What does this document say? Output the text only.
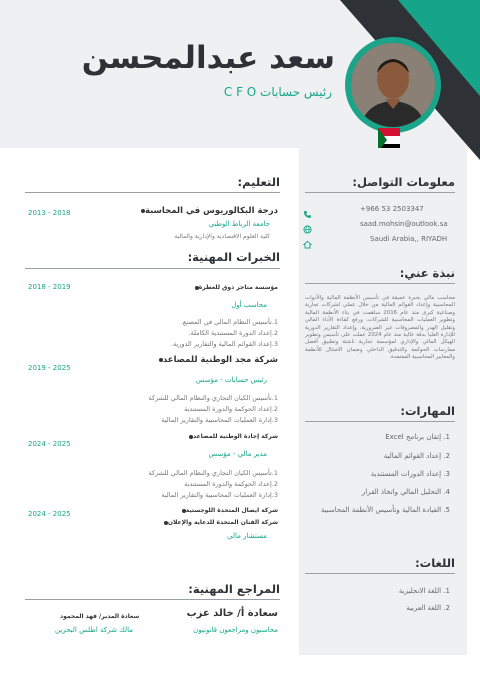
سعد عبدالمحسن
رئيس حسابات C F O
معلومات التواصل:
+966 53 2503347
saad.mohsin@outlook.sa
Saudi Arabia,, RIYADH
نبذة عني:
محاسب مالي بخبرة عميقة في تأسيس الأنظمة المالية والأدوات المحاسبية وإعداد القوائم المالية من خلال عملي لشركات تجارية وصناعية كبرى منذ عام 2016 ساهمت في بناء الأنظمة المالية وتطوير العمليات المحاسبية للشركات، ورفع كفاءة الأداء المالي وتقليل الهدر والمصروفات غير الضرورية، وإعداد التقارير الدورية للإدارة العليا بدقة عالية منذ عام 2024 عملت على تأسيس وتطوير الهيكل المالي والإداري لمؤسسة تجارية ناشئة وتطبيق أفضل ممارسات الحوكمة والتدقيق الداخلي وضمان الامتثال للأنظمة والمعايير المحاسبية المعتمدة.
المهارات:
1. إتقان برنامج Excel
2. إعداد القوائم المالية
3. إعداد الدورات المستندية
4. التحليل المالي واتخاذ القرار
5. القيادة المالية وتأسيس الأنظمة المحاسبية
اللغات:
1. اللغة الانجليزية
2. اللغة العربية
التعليم:
درجة البكالوريوس في المحاسبة
جامعة الرباط الوطني
كلية العلوم الاقتصادية والإدارية والمالية
2013 - 2018
الخبرات المهنية:
مؤسسة متاجر ذوق للعطرة
2018 - 2019
محاسب أول
1.تأسيس النظام المالي في المصنع.
2.إعداد الدورة المستندية الكاملة.
3.إعداد القوائم المالية والتقارير الدورية.
شركة مجد الوطنية للمصاعد
2019 - 2025
رئيس حسابات - مؤسس
1.تأسيس الكيان التجاري والنظام المالي للشركة
2.إعداد الحوكمة والدورة المستندية
3.إدارة العمليات المحاسبية والتقارير المالية
شركة إجادة الوطنية للمصاعد
2024 - 2025
مدير مالي - مؤسس
1.تأسيس الكيان التجاري والنظام المالي للشركة
2.إعداد الحوكمة والدورة المستندية
3.إدارة العمليات المحاسبية والتقارير المالية
شركة ايصال المتحدة اللوجستية
شركة الفنان المتحدة للدعاية والإعلان
2024 - 2025
مستشار مالي
المراجع المهنية:
سعادة أ/ خالد عزب
محاسبون ومراجعون قانونيون
سعادة المدير/ فهد المحمود
مالك شركة اطلس البحرين
